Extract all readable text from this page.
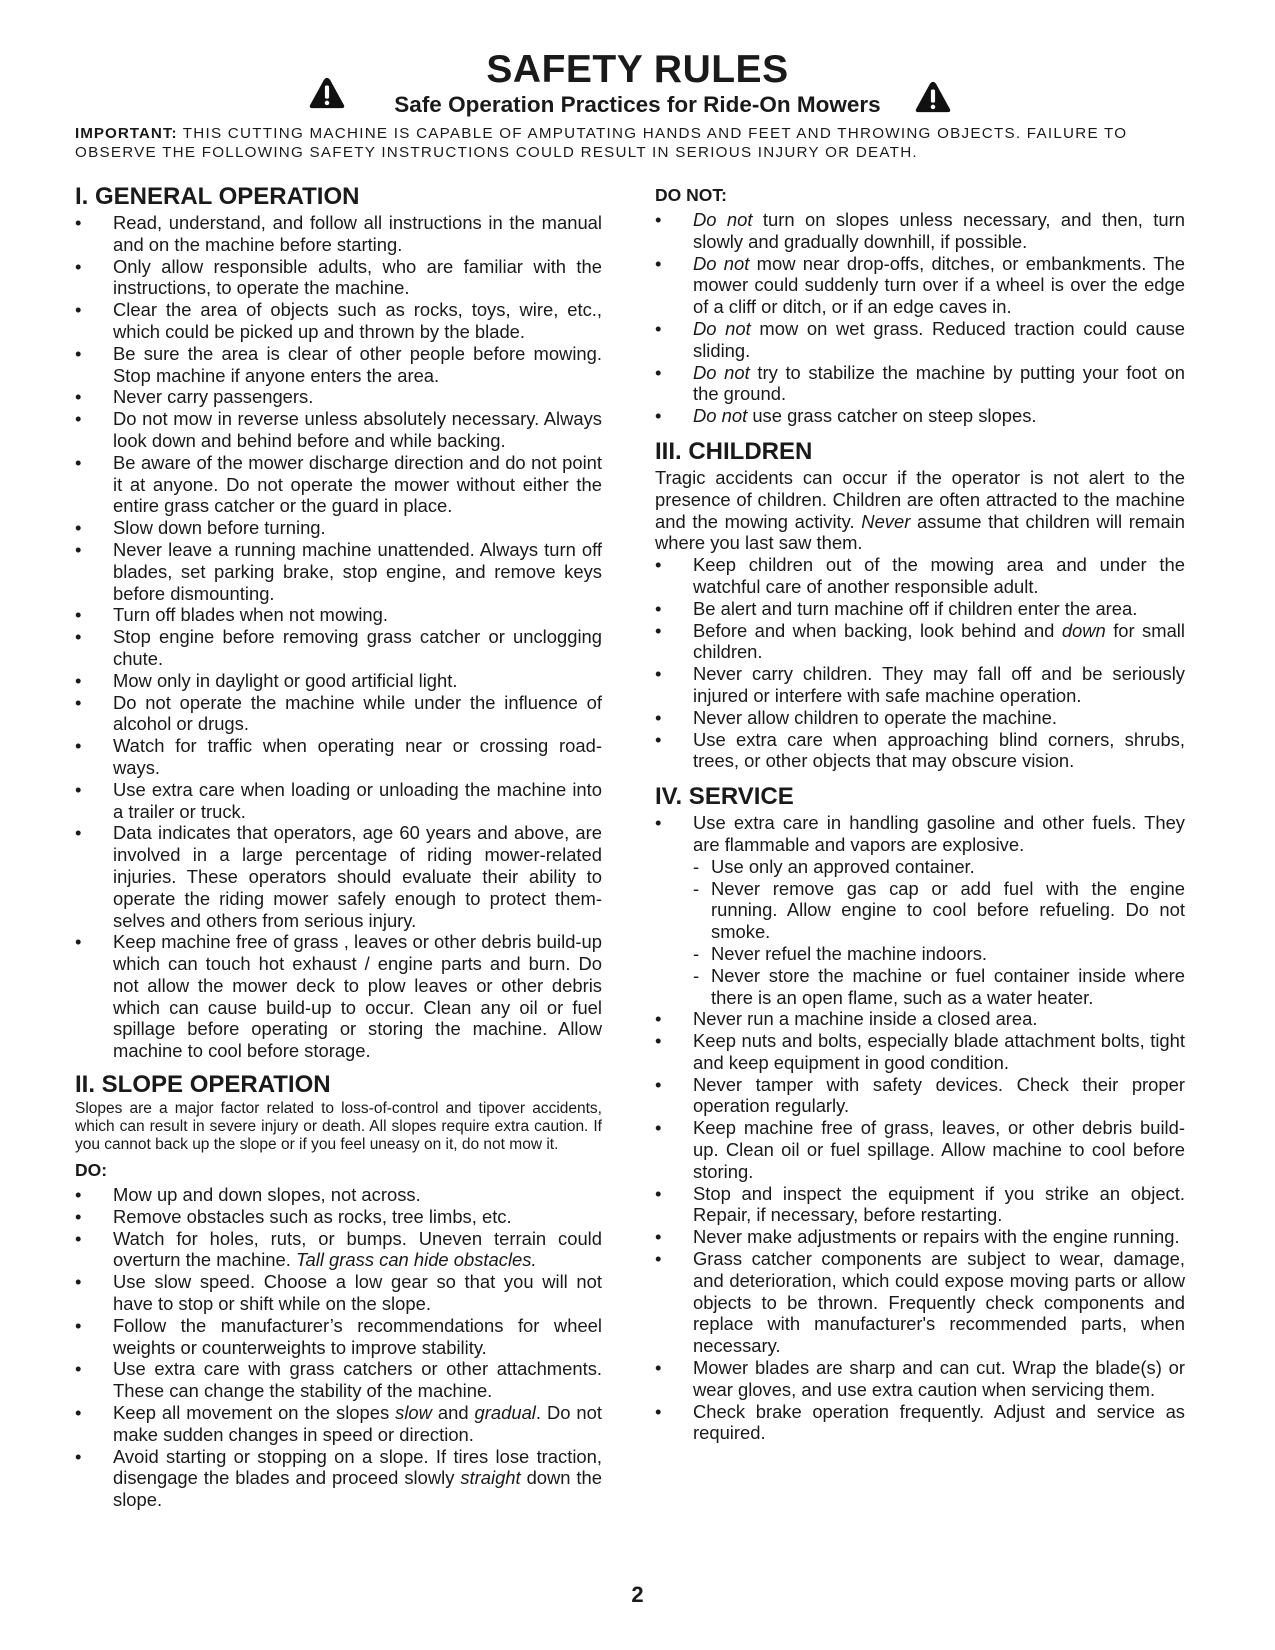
SAFETY RULES
Safe Operation Practices for Ride-On Mowers
IMPORTANT: THIS CUTTING MACHINE IS CAPABLE OF AMPUTATING HANDS AND FEET AND THROWING OBJECTS. FAILURE TO OBSERVE THE FOLLOWING SAFETY INSTRUCTIONS COULD RESULT IN SERIOUS INJURY OR DEATH.
I. GENERAL OPERATION
• Read, understand, and follow all instructions in the manual and on the machine before starting.
• Only allow responsible adults, who are familiar with the instructions, to operate the machine.
• Clear the area of objects such as rocks, toys, wire, etc., which could be picked up and thrown by the blade.
• Be sure the area is clear of other people before mowing. Stop machine if anyone enters the area.
• Never carry passengers.
• Do not mow in reverse unless absolutely necessary. Always look down and behind before and while backing.
• Be aware of the mower discharge direction and do not point it at anyone. Do not operate the mower without either the entire grass catcher or the guard in place.
• Slow down before turning.
• Never leave a running machine unattended. Always turn off blades, set parking brake, stop engine, and remove keys before dismounting.
• Turn off blades when not mowing.
• Stop engine before removing grass catcher or unclogging chute.
• Mow only in daylight or good artificial light.
• Do not operate the machine while under the influence of alcohol or drugs.
• Watch for traffic when operating near or crossing road-ways.
• Use extra care when loading or unloading the machine into a trailer or truck.
• Data indicates that operators, age 60 years and above, are involved in a large percentage of riding mower-related injuries. These operators should evaluate their ability to operate the riding mower safely enough to protect them-selves and others from serious injury.
• Keep machine free of grass , leaves or other debris build-up which can touch hot exhaust / engine parts and burn. Do not allow the mower deck to plow leaves or other debris which can cause build-up to occur. Clean any oil or fuel spillage before operating or storing the machine. Allow machine to cool before storage.
II. SLOPE OPERATION

Slopes are a major factor related to loss-of-control and tipover accidents, which can result in severe injury or death. All slopes require extra caution. If you cannot back up the slope or if you feel uneasy on it, do not mow it.

DO:
• Mow up and down slopes, not across.
• Remove obstacles such as rocks, tree limbs, etc.
• Watch for holes, ruts, or bumps. Uneven terrain could overturn the machine. Tall grass can hide obstacles.
• Use slow speed. Choose a low gear so that you will not have to stop or shift while on the slope.
• Follow the manufacturer’s recommendations for wheel weights or counterweights to improve stability.
• Use extra care with grass catchers or other attachments. These can change the stability of the machine.
• Keep all movement on the slopes slow and gradual. Do not make sudden changes in speed or direction.
• Avoid starting or stopping on a slope. If tires lose traction, disengage the blades and proceed slowly straight down the slope.
DO NOT:
• Do not turn on slopes unless necessary, and then, turn slowly and gradually downhill, if possible.
• Do not mow near drop-offs, ditches, or embankments. The mower could suddenly turn over if a wheel is over the edge of a cliff or ditch, or if an edge caves in.
• Do not mow on wet grass. Reduced traction could cause sliding.
• Do not try to stabilize the machine by putting your foot on the ground.
• Do not use grass catcher on steep slopes.
III. CHILDREN

Tragic accidents can occur if the operator is not alert to the presence of children. Children are often attracted to the machine and the mowing activity. Never assume that children will remain where you last saw them.

• Keep children out of the mowing area and under the watchful care of another responsible adult.
• Be alert and turn machine off if children enter the area.
• Before and when backing, look behind and down for small children.
• Never carry children. They may fall off and be seriously injured or interfere with safe machine operation.
• Never allow children to operate the machine.
• Use extra care when approaching blind corners, shrubs, trees, or other objects that may obscure vision.
IV. SERVICE
• Use extra care in handling gasoline and other fuels. They are flammable and vapors are explosive.
- Use only an approved container.
- Never remove gas cap or add fuel with the engine running. Allow engine to cool before refueling. Do not smoke.
- Never refuel the machine indoors.
- Never store the machine or fuel container inside where there is an open flame, such as a water heater.
• Never run a machine inside a closed area.
• Keep nuts and bolts, especially blade attachment bolts, tight and keep equipment in good condition.
• Never tamper with safety devices. Check their proper operation regularly.
• Keep machine free of grass, leaves, or other debris build-up. Clean oil or fuel spillage. Allow machine to cool before storing.
• Stop and inspect the equipment if you strike an object. Repair, if necessary, before restarting.
• Never make adjustments or repairs with the engine running.
• Grass catcher components are subject to wear, damage, and deterioration, which could expose moving parts or allow objects to be thrown. Frequently check components and replace with manufacturer's recommended parts, when necessary.
• Mower blades are sharp and can cut. Wrap the blade(s) or wear gloves, and use extra caution when servicing them.
• Check brake operation frequently. Adjust and service as required.
2
